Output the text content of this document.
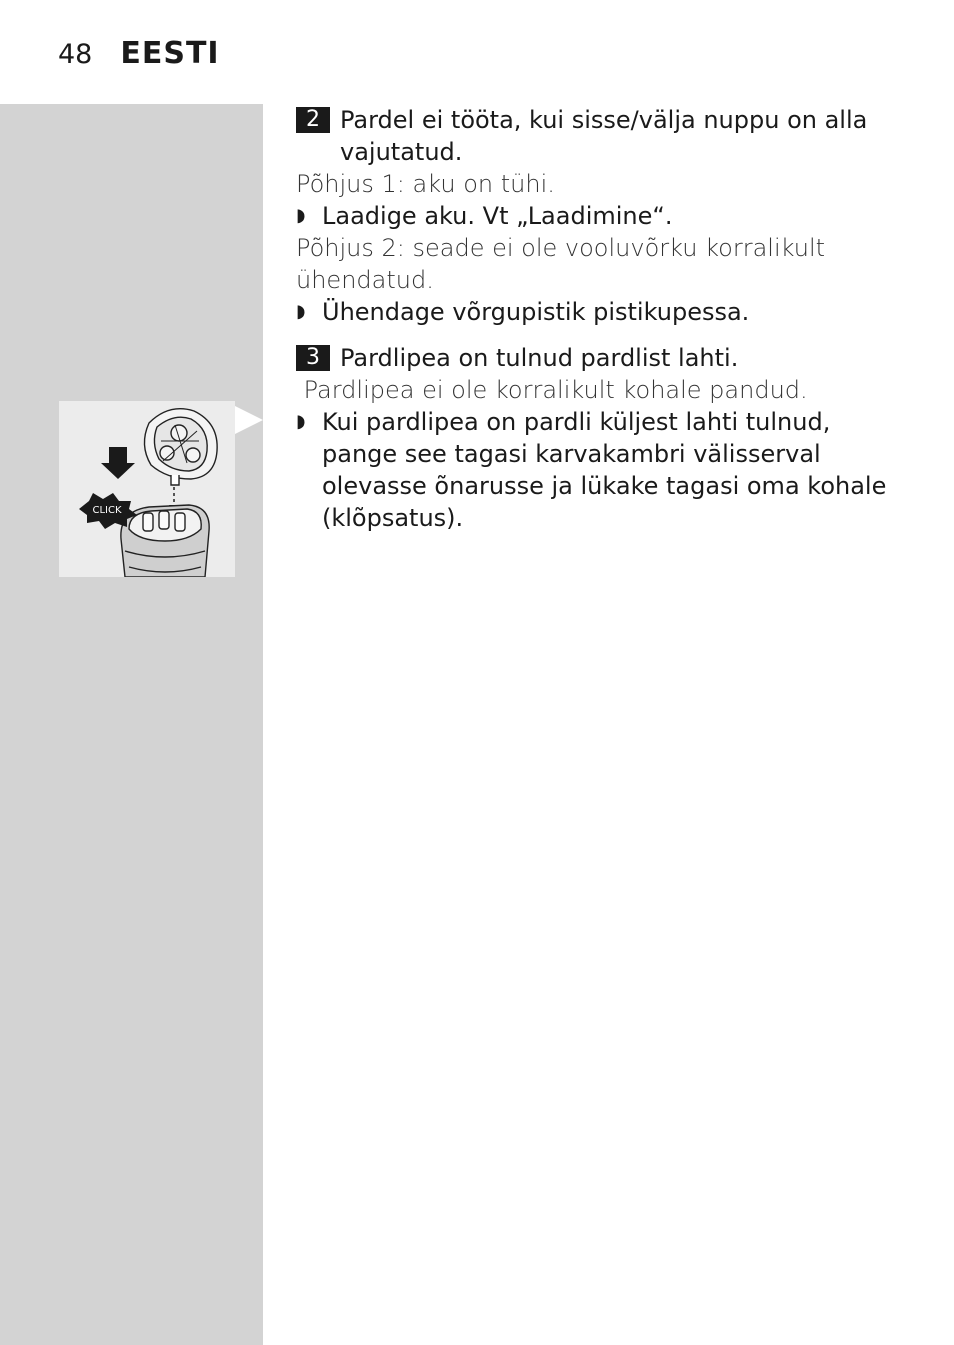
48 EESTI
CLICK
2 Pardel ei tööta, kui sisse/välja nuppu on alla vajutatud.
Põhjus 1: aku on tühi.
◗ Laadige aku. Vt „Laadimine“.
Põhjus 2: seade ei ole vooluvõrku korralikult ühendatud.
◗ Ühendage võrgupistik pistikupessa.
3 Pardlipea on tulnud pardlist lahti.
Pardlipea ei ole korralikult kohale pandud.
◗ Kui pardlipea on pardli küljest lahti tulnud, pange see tagasi karvakambri välisserval olevasse õnarusse ja lükake tagasi oma kohale (klõpsatus).
